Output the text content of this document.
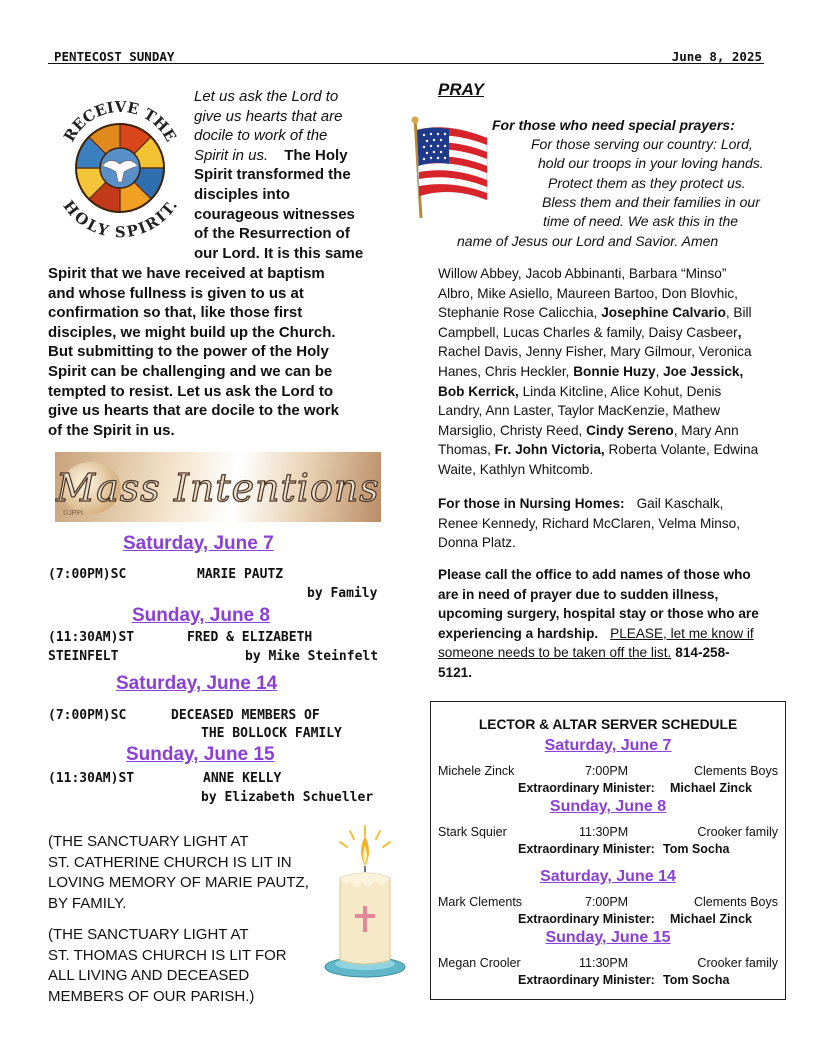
PENTECOST SUNDAY	June 8, 2025
RECEIVE THE
HOLY SPIRIT.
Let us ask the Lord to
give us hearts that are
docile to work of the
Spirit in us. The Holy
Spirit transformed the
disciples into
courageous witnesses
of the Resurrection of
our Lord. It is this same
Spirit that we have received at baptism
and whose fullness is given to us at
confirmation so that, like those first
disciples, we might build up the Church.
But submitting to the power of the Holy
Spirit can be challenging and we can be
tempted to resist. Let us ask the Lord to
give us hearts that are docile to the work
of the Spirit in us.
Mass Intentions
©JPPI
Saturday, June 7
(7:00PM)SC	MARIE PAUTZ
by Family
Sunday, June 8
(11:30AM)ST	FRED & ELIZABETH
STEINFELT	by Mike Steinfelt
Saturday, June 14
(7:00PM)SC	DECEASED MEMBERS OF
THE BOLLOCK FAMILY
Sunday, June 15
(11:30AM)ST	ANNE KELLY
by Elizabeth Schueller
(THE SANCTUARY LIGHT AT
ST. CATHERINE CHURCH IS LIT IN
LOVING MEMORY OF MARIE PAUTZ,
BY FAMILY.
(THE SANCTUARY LIGHT AT
ST. THOMAS CHURCH IS LIT FOR
ALL LIVING AND DECEASED
MEMBERS OF OUR PARISH.)
PRAY
For those who need special prayers:
For those serving our country: Lord,
hold our troops in your loving hands.
Protect them as they protect us.
Bless them and their families in our
time of need. We ask this in the
name of Jesus our Lord and Savior. Amen
Willow Abbey, Jacob Abbinanti, Barbara “Minso”
Albro, Mike Asiello, Maureen Bartoo, Don Blovhic,
Stephanie Rose Calicchia, Josephine Calvario, Bill
Campbell, Lucas Charles & family, Daisy Casbeer,
Rachel Davis, Jenny Fisher, Mary Gilmour, Veronica
Hanes, Chris Heckler, Bonnie Huzy, Joe Jessick,
Bob Kerrick, Linda Kitcline, Alice Kohut, Denis
Landry, Ann Laster, Taylor MacKenzie, Mathew
Marsiglio, Christy Reed, Cindy Sereno, Mary Ann
Thomas, Fr. John Victoria, Roberta Volante, Edwina
Waite, Kathlyn Whitcomb.
For those in Nursing Homes: Gail Kaschalk,
Renee Kennedy, Richard McClaren, Velma Minso,
Donna Platz.
Please call the office to add names of those who
are in need of prayer due to sudden illness,
upcoming surgery, hospital stay or those who are
experiencing a hardship. PLEASE, let me know if
someone needs to be taken off the list. 814-258-
5121.
LECTOR & ALTAR SERVER SCHEDULE
Saturday, June 7
Michele Zinck	7:00PM	Clements Boys
Extraordinary Minister: Michael Zinck
Sunday, June 8
Stark Squier	11:30PM	Crooker family
Extraordinary Minister: Tom Socha
Saturday, June 14
Mark Clements	7:00PM	Clements Boys
Extraordinary Minister: Michael Zinck
Sunday, June 15
Megan Crooler	11:30PM	Crooker family
Extraordinary Minister: Tom Socha
